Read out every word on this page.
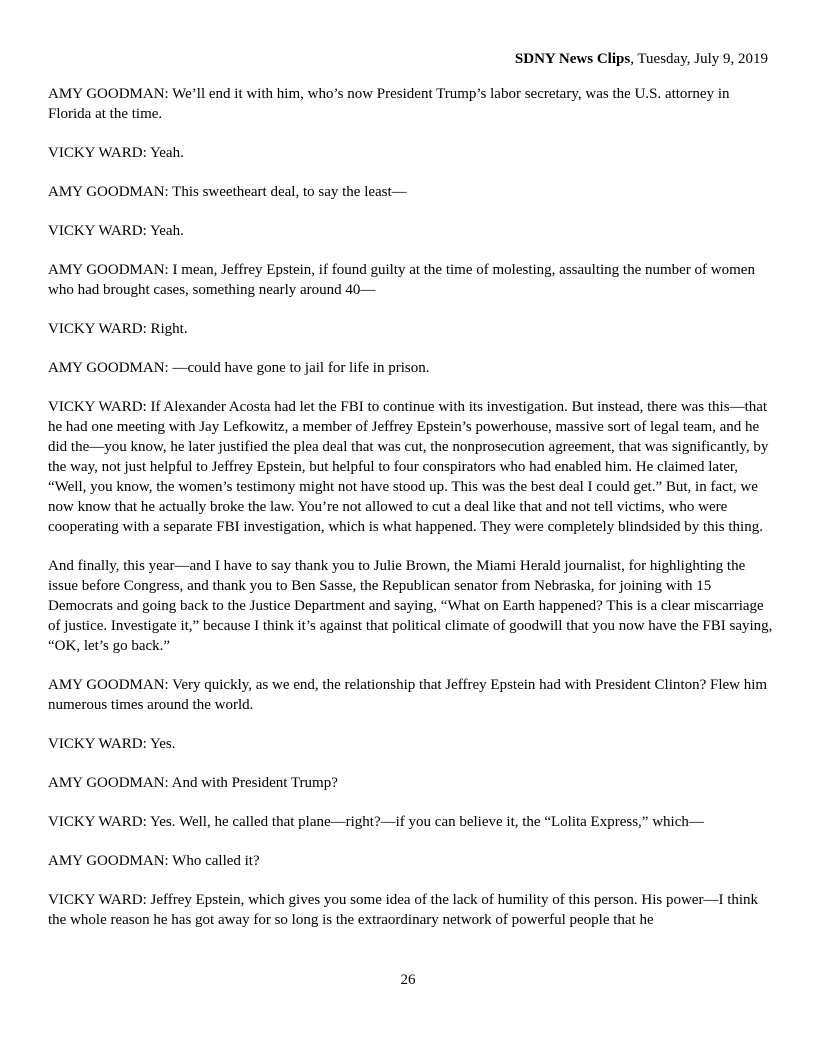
SDNY News Clips, Tuesday, July 9, 2019

AMY GOODMAN: We’ll end it with him, who’s now President Trump’s labor secretary, was the U.S. attorney in Florida at the time.

VICKY WARD: Yeah.

AMY GOODMAN: This sweetheart deal, to say the least—

VICKY WARD: Yeah.

AMY GOODMAN: I mean, Jeffrey Epstein, if found guilty at the time of molesting, assaulting the number of women who had brought cases, something nearly around 40—

VICKY WARD: Right.

AMY GOODMAN: —could have gone to jail for life in prison.

VICKY WARD: If Alexander Acosta had let the FBI to continue with its investigation. But instead, there was this—that he had one meeting with Jay Lefkowitz, a member of Jeffrey Epstein’s powerhouse, massive sort of legal team, and he did the—you know, he later justified the plea deal that was cut, the nonprosecution agreement, that was significantly, by the way, not just helpful to Jeffrey Epstein, but helpful to four conspirators who had enabled him. He claimed later, “Well, you know, the women’s testimony might not have stood up. This was the best deal I could get.” But, in fact, we now know that he actually broke the law. You’re not allowed to cut a deal like that and not tell victims, who were cooperating with a separate FBI investigation, which is what happened. They were completely blindsided by this thing.

And finally, this year—and I have to say thank you to Julie Brown, the Miami Herald journalist, for highlighting the issue before Congress, and thank you to Ben Sasse, the Republican senator from Nebraska, for joining with 15 Democrats and going back to the Justice Department and saying, “What on Earth happened? This is a clear miscarriage of justice. Investigate it,” because I think it’s against that political climate of goodwill that you now have the FBI saying, “OK, let’s go back.”

AMY GOODMAN: Very quickly, as we end, the relationship that Jeffrey Epstein had with President Clinton? Flew him numerous times around the world.

VICKY WARD: Yes.

AMY GOODMAN: And with President Trump?

VICKY WARD: Yes. Well, he called that plane—right?—if you can believe it, the “Lolita Express,” which—

AMY GOODMAN: Who called it?

VICKY WARD: Jeffrey Epstein, which gives you some idea of the lack of humility of this person. His power—I think the whole reason he has got away for so long is the extraordinary network of powerful people that he

26
